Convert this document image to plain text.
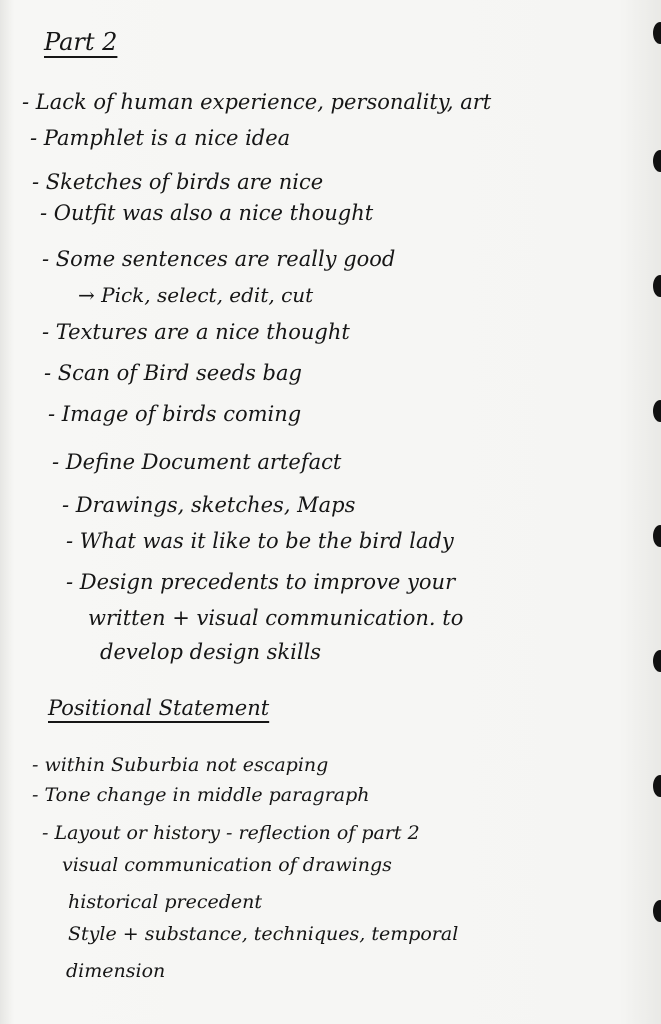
Part 2
- Lack of human experience, personality, art
- Pamphlet is a nice idea
- Sketches of birds are nice
- Outfit was also a nice thought
- Some sentences are really good
→ Pick, select, edit, cut
- Textures are a nice thought
- Scan of Bird seeds bag
- Image of birds coming
- Define Document artefact
- Drawings, sketches, Maps
- What was it like to be the bird lady
- Design precedents to improve your
written + visual communication. to
develop design skills
Positional Statement
- within Suburbia not escaping
- Tone change in middle paragraph
- Layout or history - reflection of part 2
visual communication of drawings
historical precedent
Style + substance, techniques, temporal
dimension
